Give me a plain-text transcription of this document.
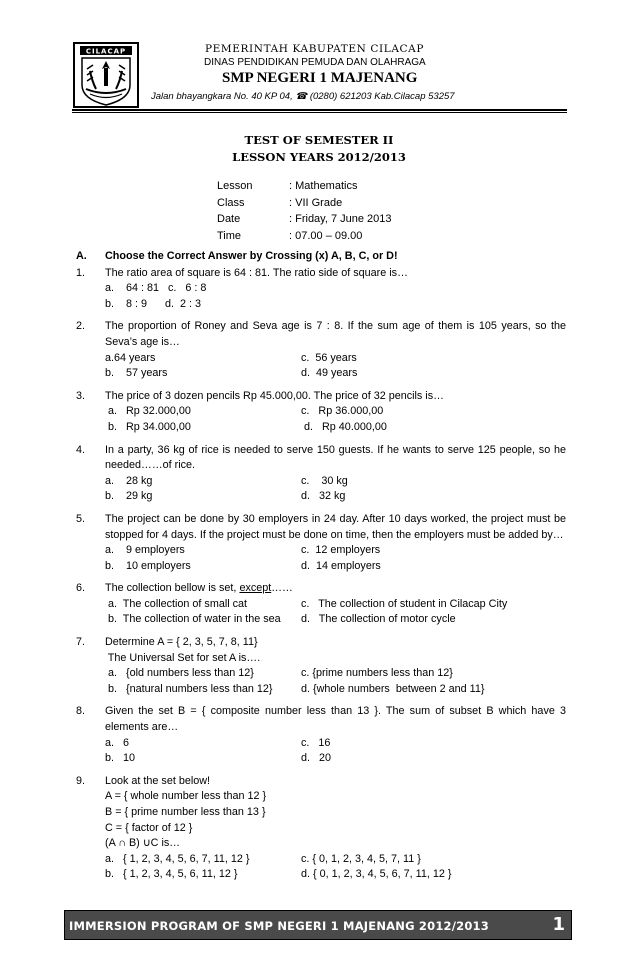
CILACAP	PEMERINTAH KABUPATEN CILACAP
DINAS PENDIDIKAN PEMUDA DAN OLAHRAGA
SMP NEGERI 1 MAJENANG
Jalan bhayangkara No. 40 KP 04, ☎ (0280) 621203 Kab.Cilacap 53257
TEST OF SEMESTER II
LESSON YEARS 2012/2013
Lesson	: Mathematics
Class	: VII Grade
Date	: Friday, 7 June 2013
Time	: 07.00 – 09.00
A.	Choose the Correct Answer by Crossing (x) A, B, C, or D!
1.	The ratio area of square is 64 : 81. The ratio side of square is…
a.    64 : 81   c.   6 : 8
b.    8 : 9      d.  2 : 3
2.	The proportion of Roney and Seva age is 7 : 8. If the sum age of them is 105 years, so the Seva’s age is…
a.64 years	c.  56 years
b.    57 years	d.  49 years
3.	The price of 3 dozen pencils Rp 45.000,00. The price of 32 pencils is…
a.   Rp 32.000,00	c.   Rp 36.000,00
b.   Rp 34.000,00	d.   Rp 40.000,00
4.	In a party, 36 kg of rice is needed to serve 150 guests. If he wants to serve 125 people, so he needed……of rice.
a.    28 kg	c.    30 kg
b.    29 kg	d.   32 kg
5.	The project can be done by 30 employers in 24 day. After 10 days worked, the project must be stopped for 4 days. If the project must be done on time, then the employers must be added by…
a.    9 employers	c.  12 employers
b.    10 employers	d.  14 employers
6.	The collection bellow is set, except……
a.  The collection of small cat	c.   The collection of student in Cilacap City
b.  The collection of water in the sea	d.   The collection of motor cycle
7.	Determine A = { 2, 3, 5, 7, 8, 11}
The Universal Set for set A is….
a.   {old numbers less than 12}	c. {prime numbers less than 12}
b.   {natural numbers less than 12}	d. {whole numbers  between 2 and 11}
8.	Given the set B = { composite number less than 13 }. The sum of subset B which have 3 elements are…
a.   6	c.   16
b.   10	d.   20
9.	Look at the set below!
A = { whole number less than 12 }
B = { prime number less than 13 }
C = { factor of 12 }
(A ∩ B) ∪C is…
a.   { 1, 2, 3, 4, 5, 6, 7, 11, 12 }	c. { 0, 1, 2, 3, 4, 5, 7, 11 }
b.   { 1, 2, 3, 4, 5, 6, 11, 12 }	d. { 0, 1, 2, 3, 4, 5, 6, 7, 11, 12 }
IMMERSION PROGRAM OF SMP NEGERI 1 MAJENANG 2012/2013	1
